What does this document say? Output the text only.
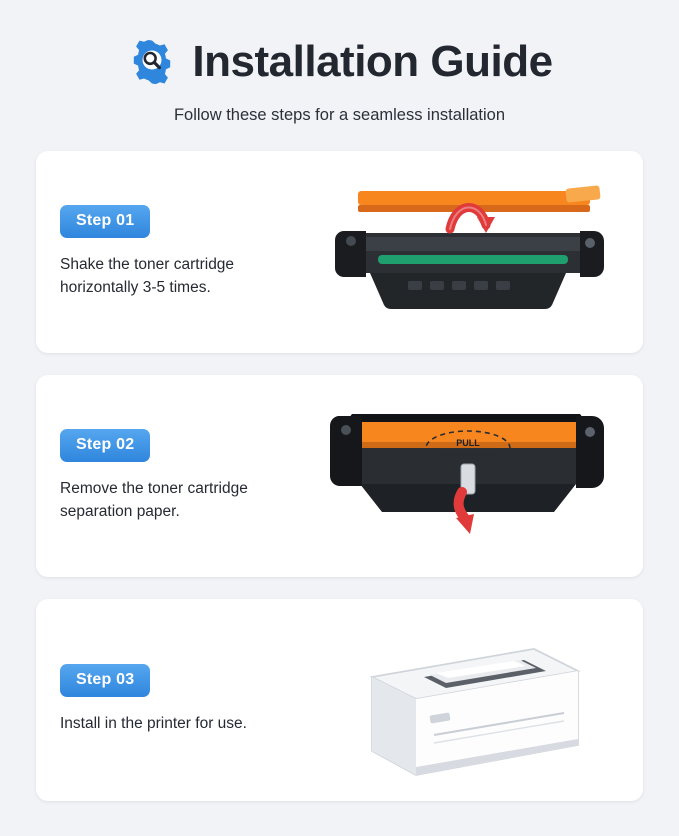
Installation Guide
Follow these steps for a seamless installation
Step 01
Shake the toner cartridge horizontally 3-5 times.
Step 02
Remove the toner cartridge separation paper.
PULL
Pull out before installation
Step 03
Install in the printer for use.
